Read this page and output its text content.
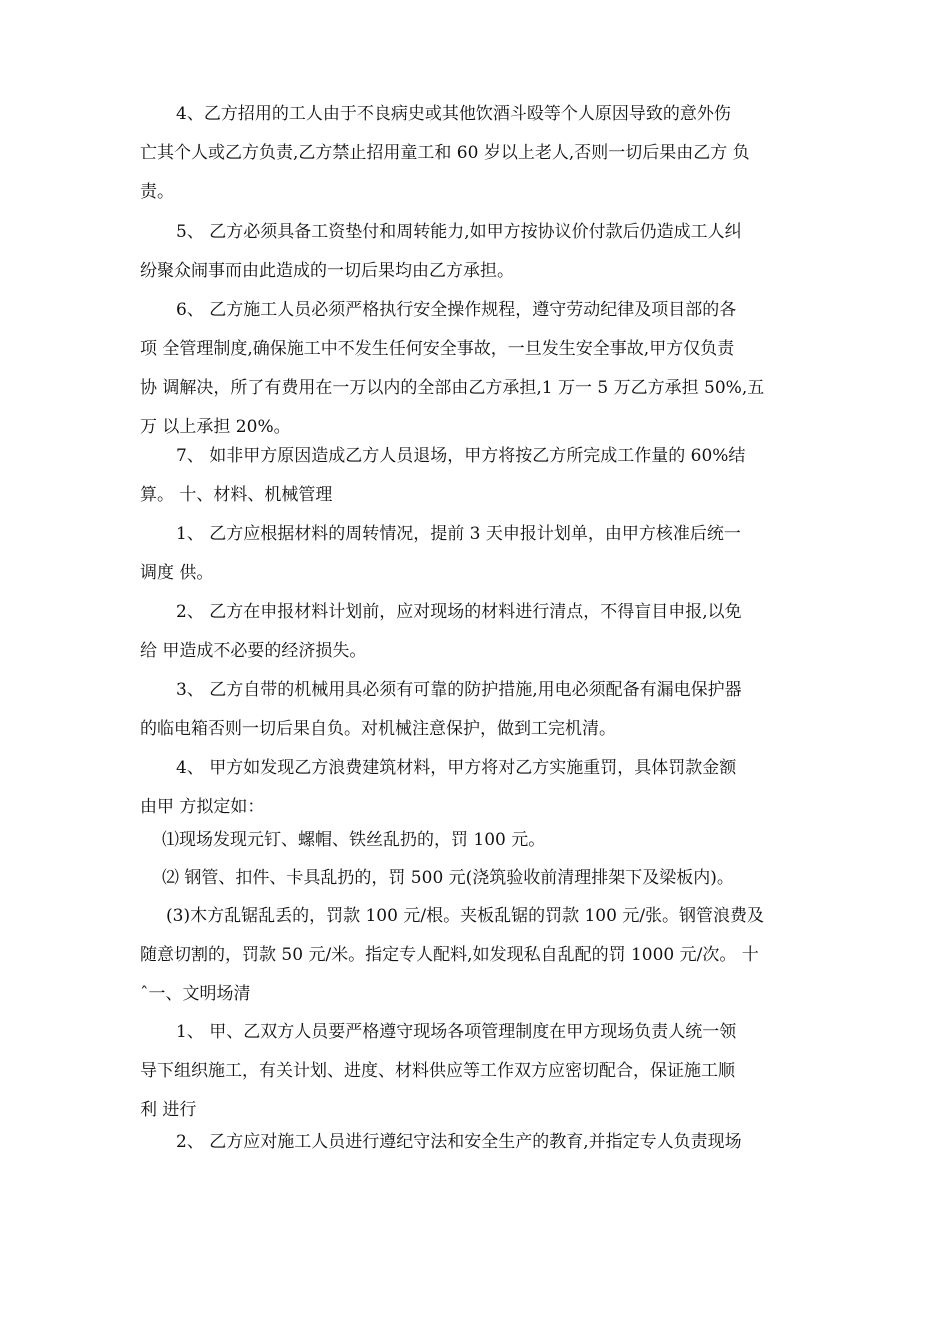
4、乙方招用的工人由于不良病史或其他饮酒斗殴等个人原因导致的意外伤
亡其个人或乙方负责,乙方禁止招用童工和 60 岁以上老人,否则一切后果由乙方 负
责。
5、 乙方必须具备工资垫付和周转能力,如甲方按协议价付款后仍造成工人纠
纷聚众闹事而由此造成的一切后果均由乙方承担。
6、 乙方施工人员必须严格执行安全操作规程，遵守劳动纪律及项目部的各
项 全管理制度,确保施工中不发生任何安全事故，一旦发生安全事故,甲方仅负责
协 调解决，所了有费用在一万以内的全部由乙方承担,1 万一 5 万乙方承担 50%,五
万 以上承担 20%。
7、 如非甲方原因造成乙方人员退场，甲方将按乙方所完成工作量的 60%结
算。 十、材料、机械管理
1、 乙方应根据材料的周转情况，提前 3 天申报计划单，由甲方核准后统一
调度 供。
2、 乙方在申报材料计划前，应对现场的材料进行清点，不得盲目申报,以免
给 甲造成不必要的经济损失。
3、 乙方自带的机械用具必须有可靠的防护措施,用电必须配备有漏电保护器
的临电箱否则一切后果自负。对机械注意保护，做到工完机清。
4、 甲方如发现乙方浪费建筑材料，甲方将对乙方实施重罚，具体罚款金额
由甲 方拟定如：
⑴现场发现元钉、螺帽、铁丝乱扔的，罚 100 元。
⑵ 钢管、扣件、卡具乱扔的，罚 500 元(浇筑验收前清理排架下及梁板内)。
(3)木方乱锯乱丢的，罚款 100 元/根。夹板乱锯的罚款 100 元/张。钢管浪费及
随意切割的，罚款 50 元/米。指定专人配料,如发现私自乱配的罚 1000 元/次。 十
ˆ一、文明场清
1、 甲、乙双方人员要严格遵守现场各项管理制度在甲方现场负责人统一领
导下组织施工，有关计划、进度、材料供应等工作双方应密切配合，保证施工顺
利 进行
2、 乙方应对施工人员进行遵纪守法和安全生产的教育,并指定专人负责现场
